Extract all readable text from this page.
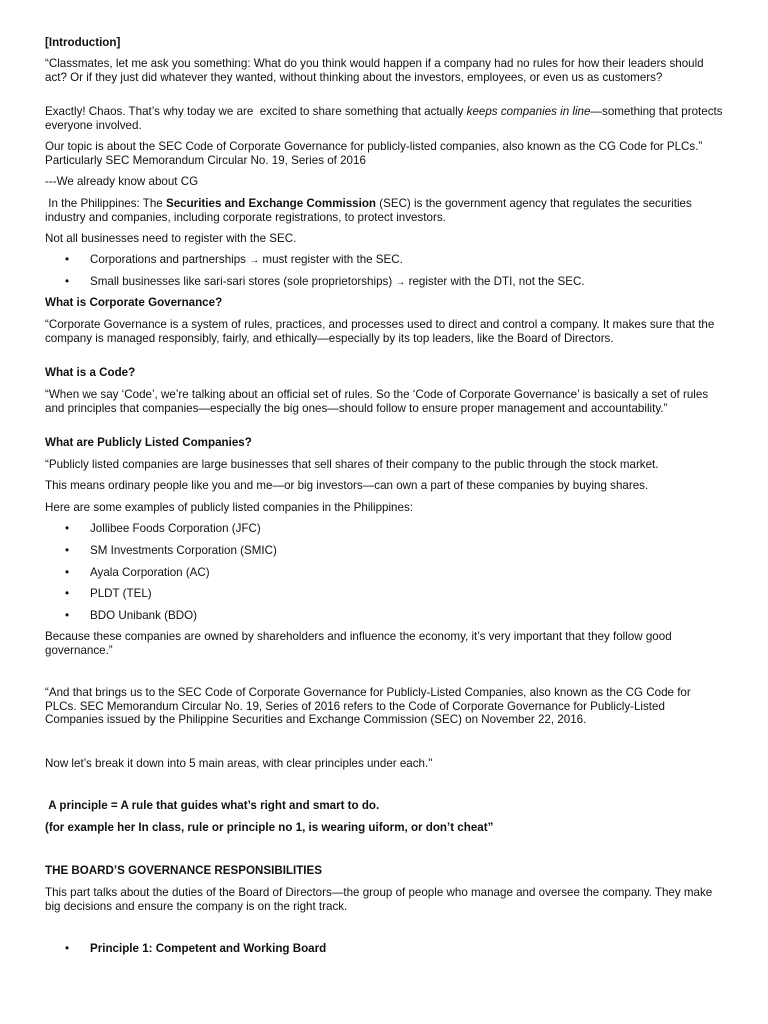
[Introduction]
“Classmates, let me ask you something: What do you think would happen if a company had no rules for how their leaders should act? Or if they just did whatever they wanted, without thinking about the investors, employees, or even us as customers?
Exactly! Chaos. That’s why today we are  excited to share something that actually keeps companies in line—something that protects everyone involved.
Our topic is about the SEC Code of Corporate Governance for publicly-listed companies, also known as the CG Code for PLCs.” Particularly SEC Memorandum Circular No. 19, Series of 2016
---We already know about CG
In the Philippines: The Securities and Exchange Commission (SEC) is the government agency that regulates the securities industry and companies, including corporate registrations, to protect investors.
Not all businesses need to register with the SEC.
• Corporations and partnerships → must register with the SEC.
• Small businesses like sari-sari stores (sole proprietorships) → register with the DTI, not the SEC.
What is Corporate Governance?
“Corporate Governance is a system of rules, practices, and processes used to direct and control a company. It makes sure that the company is managed responsibly, fairly, and ethically—especially by its top leaders, like the Board of Directors.
What is a Code?
“When we say ‘Code’, we’re talking about an official set of rules. So the ‘Code of Corporate Governance’ is basically a set of rules and principles that companies—especially the big ones—should follow to ensure proper management and accountability.”
What are Publicly Listed Companies?
“Publicly listed companies are large businesses that sell shares of their company to the public through the stock market.
This means ordinary people like you and me—or big investors—can own a part of these companies by buying shares.
Here are some examples of publicly listed companies in the Philippines:
• Jollibee Foods Corporation (JFC)
• SM Investments Corporation (SMIC)
• Ayala Corporation (AC)
• PLDT (TEL)
• BDO Unibank (BDO)
Because these companies are owned by shareholders and influence the economy, it’s very important that they follow good governance.”
“And that brings us to the SEC Code of Corporate Governance for Publicly-Listed Companies, also known as the CG Code for PLCs. SEC Memorandum Circular No. 19, Series of 2016 refers to the Code of Corporate Governance for Publicly-Listed Companies issued by the Philippine Securities and Exchange Commission (SEC) on November 22, 2016.
Now let’s break it down into 5 main areas, with clear principles under each."
A principle = A rule that guides what’s right and smart to do.
(for example her In class, rule or principle no 1, is wearing uiform, or don’t cheat”
THE BOARD’S GOVERNANCE RESPONSIBILITIES
This part talks about the duties of the Board of Directors—the group of people who manage and oversee the company. They make big decisions and ensure the company is on the right track.
• Principle 1: Competent and Working Board
